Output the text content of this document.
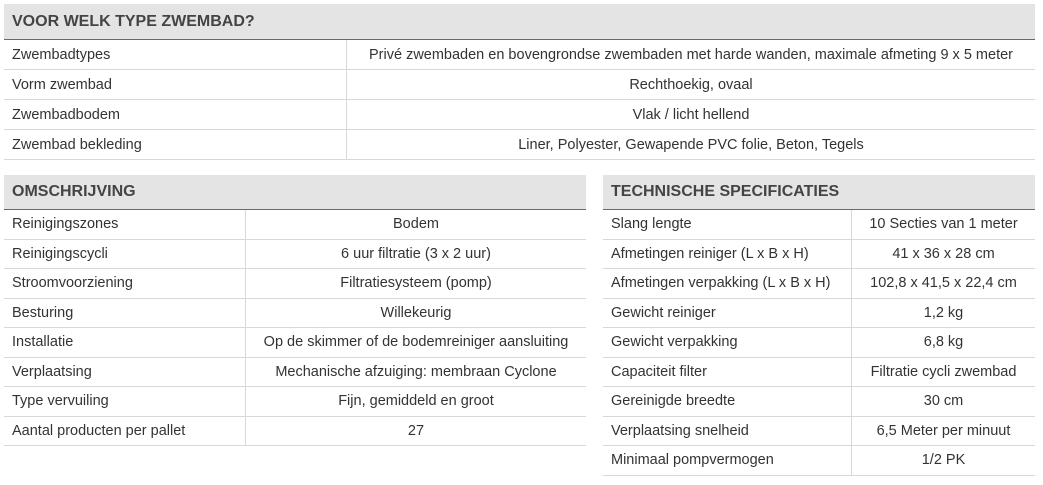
VOOR WELK TYPE ZWEMBAD?
Zwembadtypes	Privé zwembaden en bovengrondse zwembaden met harde wanden, maximale afmeting 9 x 5 meter
Vorm zwembad	Rechthoekig, ovaal
Zwembadbodem	Vlak / licht hellend
Zwembad bekleding	Liner, Polyester, Gewapende PVC folie, Beton, Tegels
OMSCHRIJVING
Reinigingszones	Bodem
Reinigingscycli	6 uur filtratie (3 x 2 uur)
Stroomvoorziening	Filtratiesysteem (pomp)
Besturing	Willekeurig
Installatie	Op de skimmer of de bodemreiniger aansluiting
Verplaatsing	Mechanische afzuiging: membraan Cyclone
Type vervuiling	Fijn, gemiddeld en groot
Aantal producten per pallet	27
TECHNISCHE SPECIFICATIES
Slang lengte	10 Secties van 1 meter
Afmetingen reiniger (L x B x H)	41 x 36 x 28 cm
Afmetingen verpakking (L x B x H)	102,8 x 41,5 x 22,4 cm
Gewicht reiniger	1,2 kg
Gewicht verpakking	6,8 kg
Capaciteit filter	Filtratie cycli zwembad
Gereinigde breedte	30 cm
Verplaatsing snelheid	6,5 Meter per minuut
Minimaal pompvermogen	1/2 PK
